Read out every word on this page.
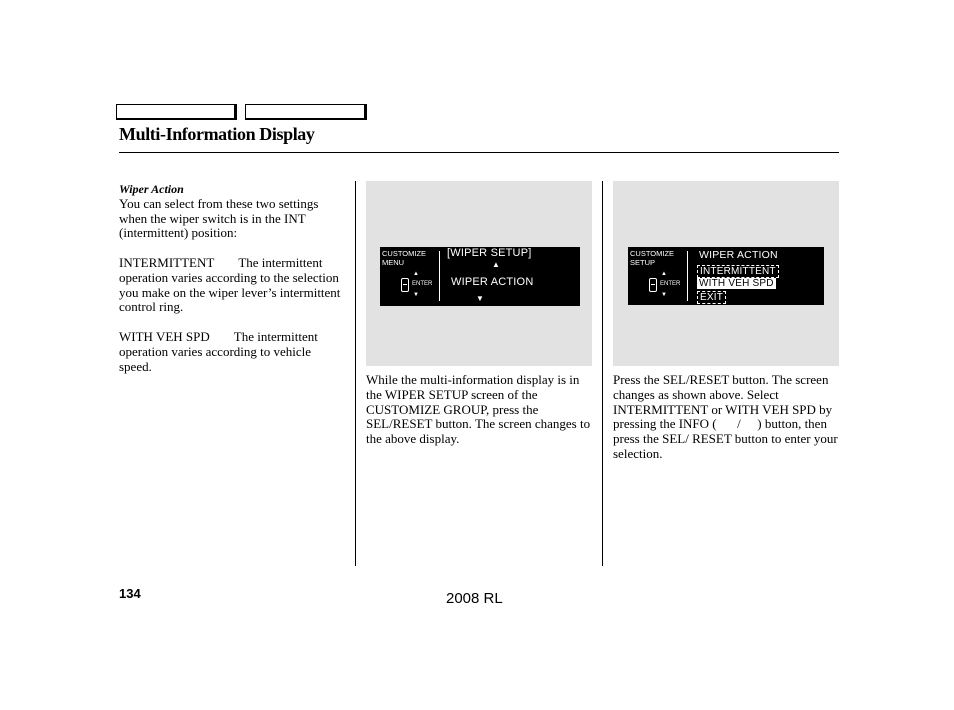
Multi-Information Display
Wiper Action

You can select from these two settings when the wiper switch is in the INT (intermittent) position:

INTERMITTENT The intermittent operation varies according to the selection you make on the wiper lever’s intermittent control ring.

WITH VEH SPD The intermittent operation varies according to vehicle speed.

CUSTOMIZE
MENU
▲
ENTER
▼
[WIPER SETUP]
▲
WIPER ACTION
▼
CUSTOMIZE
SETUP
▲
ENTER
▼
WIPER ACTION
INTERMITTENT
WITH VEH SPD
EXIT
While the multi-information display is in the WIPER SETUP screen of the CUSTOMIZE GROUP, press the SEL/RESET button. The screen changes to the above display.
Press the SEL/RESET button. The screen changes as shown above. Select INTERMITTENT or WITH VEH SPD by pressing the INFO ( / ) button, then press the SEL/ RESET button to enter your selection.
134	2008 RL
